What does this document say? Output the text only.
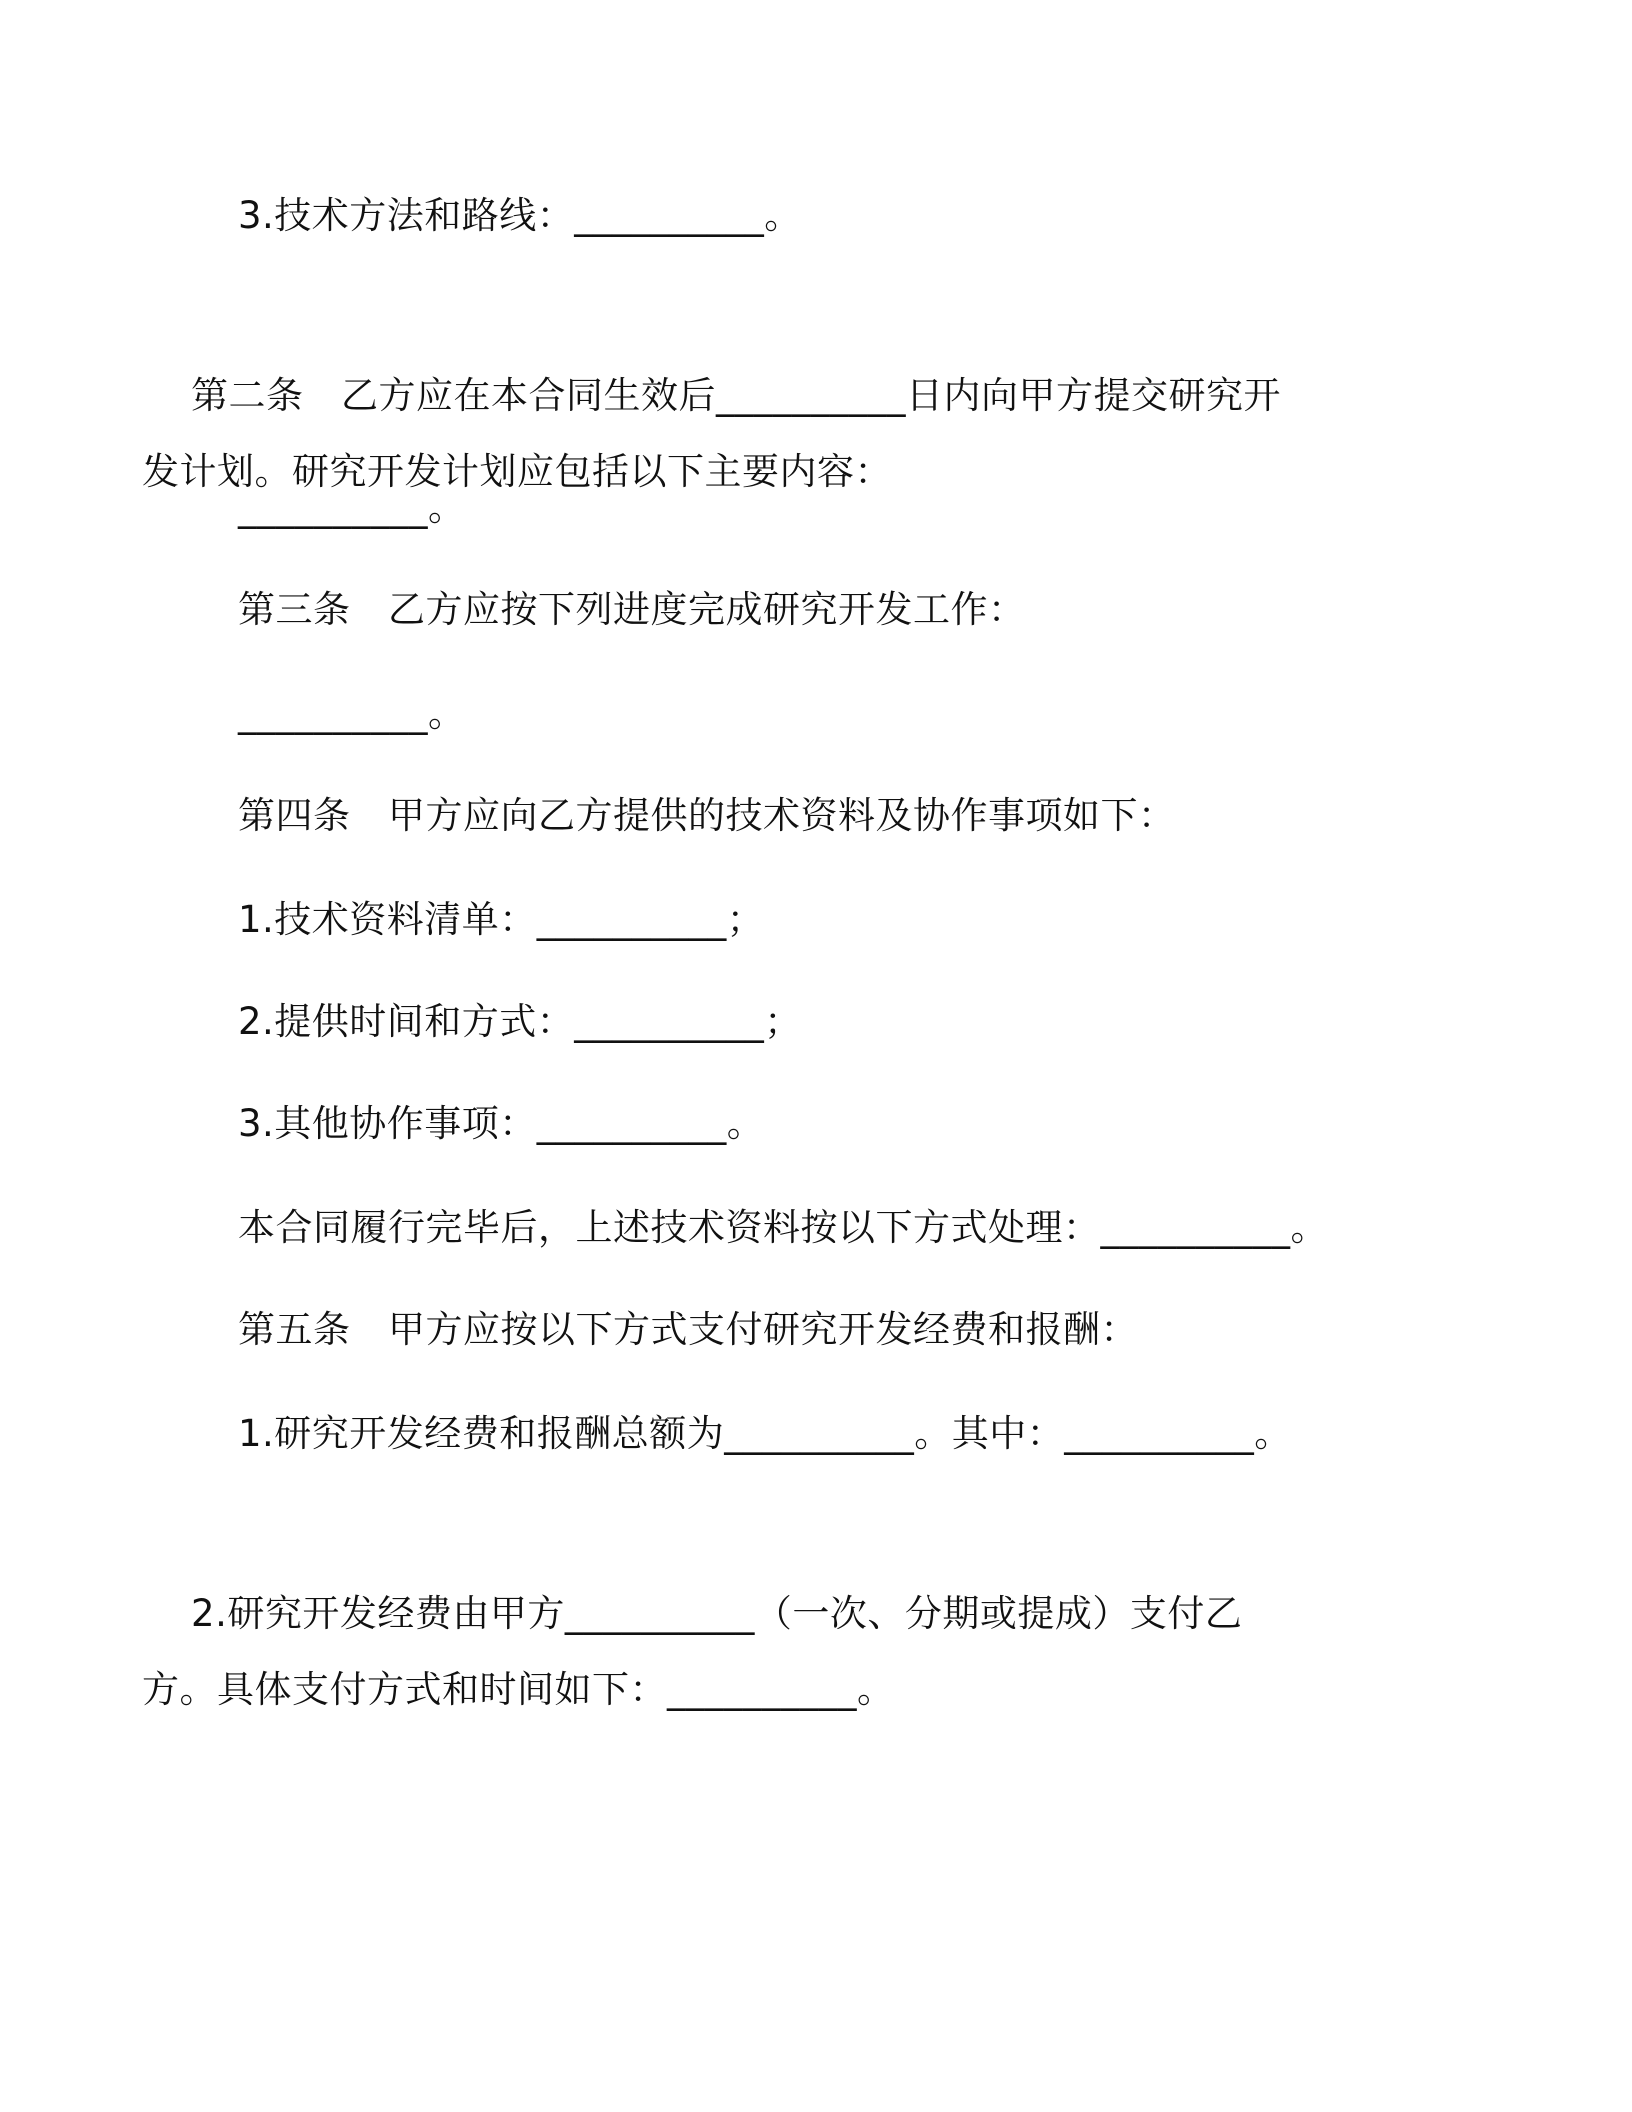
3.技术方法和路线：__________。

第二条　乙方应在本合同生效后__________日内向甲方提交研究开发计划。研究开发计划应包括以下主要内容：

__________。
第三条　乙方应按下列进度完成研究开发工作：
__________。
第四条　甲方应向乙方提供的技术资料及协作事项如下：
1.技术资料清单：__________；
2.提供时间和方式：__________；
3.其他协作事项：__________。
本合同履行完毕后，上述技术资料按以下方式处理：__________。
第五条　甲方应按以下方式支付研究开发经费和报酬：
1.研究开发经费和报酬总额为__________。其中：__________。

2.研究开发经费由甲方__________（一次、分期或提成）支付乙方。具体支付方式和时间如下：__________。
